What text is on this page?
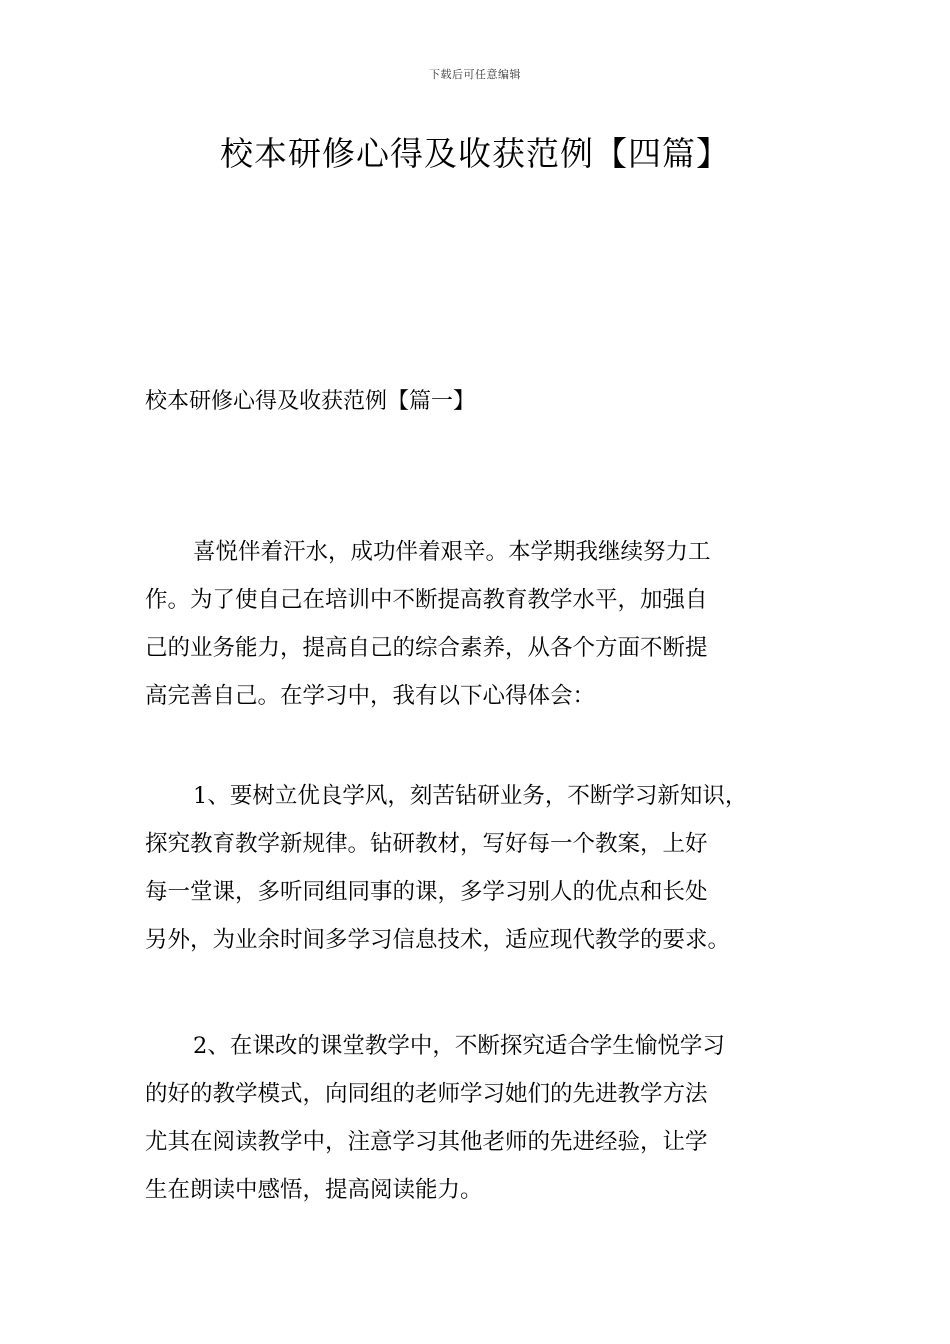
下载后可任意编辑
校本研修心得及收获范例【四篇】
校本研修心得及收获范例【篇一】

喜悦伴着汗水，成功伴着艰辛。本学期我继续努力工
作。为了使自己在培训中不断提高教育教学水平，加强自
己的业务能力，提高自己的综合素养，从各个方面不断提
高完善自己。在学习中，我有以下心得体会：

1、要树立优良学风，刻苦钻研业务，不断学习新知识，
探究教育教学新规律。钻研教材，写好每一个教案，上好
每一堂课，多听同组同事的课，多学习别人的优点和长处
另外，为业余时间多学习信息技术，适应现代教学的要求。

2、在课改的课堂教学中，不断探究适合学生愉悦学习
的好的教学模式，向同组的老师学习她们的先进教学方法
尤其在阅读教学中，注意学习其他老师的先进经验，让学
生在朗读中感悟，提高阅读能力。
